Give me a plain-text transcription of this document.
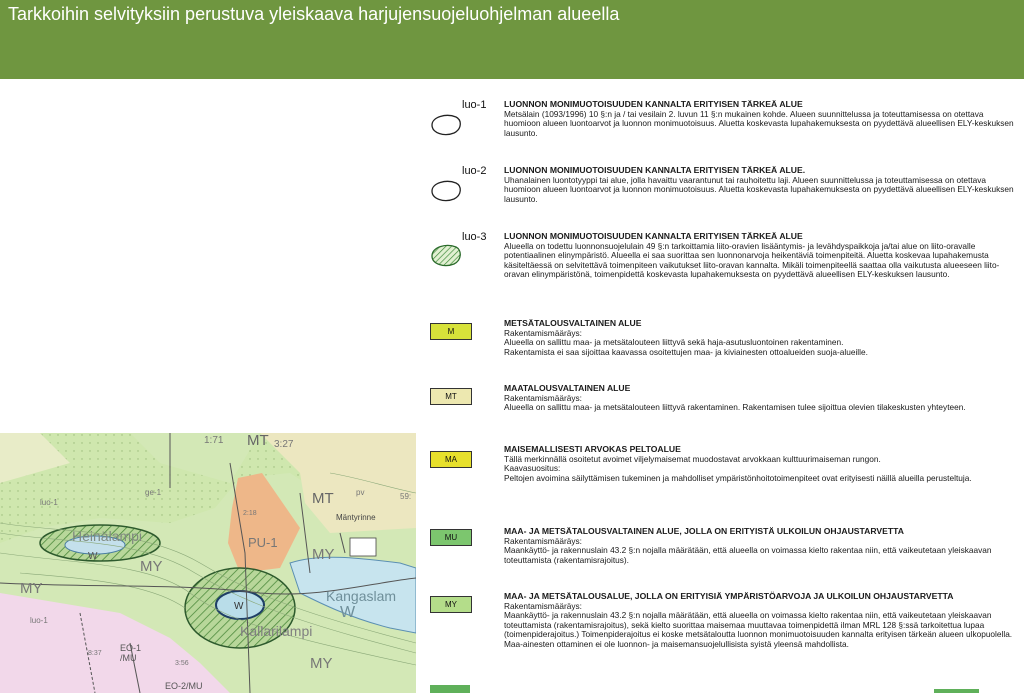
Tarkkoihin selvityksiin perustuva yleiskaava harjujensuojeluohjelman alueella
1:71 MT 3:27
MT	pv
Mäntyrinne
59:
luo-1
ge-1
Heinälampi
W
2:18
PU-1
MY
MY
Kangaslam
W
W
Kallarilampi
MY
8:37
EO-1
/MU
EO-2/MU
3:56
MY
luo-1
luo-1 LUONNON MONIMUOTOISUUDEN KANNALTA ERITYISEN TÄRKEÄ ALUE
Metsälain (1093/1996) 10 §:n ja / tai vesilain 2. luvun 11 §:n mukainen kohde. Alueen suunnittelussa ja toteuttamisessa on otettava huomioon alueen luontoarvot ja luonnon monimuotoisuus. Aluetta koskevasta lupahakemuksesta on pyydettävä alueellisen ELY-keskuksen lausunto.
luo-2 LUONNON MONIMUOTOISUUDEN KANNALTA ERITYISEN TÄRKEÄ ALUE.
Uhanalainen luontotyyppi tai alue, jolla havaittu vaarantunut tai rauhoitettu laji. Alueen suunnittelussa ja toteuttamisessa on otettava huomioon alueen luontoarvot ja luonnon monimuotoisuus. Aluetta koskevasta lupahakemuksesta on pyydettävä alueellisen ELY-keskuksen lausunto.
luo-3 LUONNON MONIMUOTOISUUDEN KANNALTA ERITYISEN TÄRKEÄ ALUE
Alueella on todettu luonnonsuojelulain 49 §:n tarkoittamia liito-oravien lisääntymis- ja levähdyspaikkoja ja/tai alue on liito-oravalle potentiaalinen elinympäristö. Alueella ei saa suorittaa sen luonnonarvoja heikentäviä toimenpiteitä. Aluetta koskevaa lupahakemusta käsiteltäessä on selvitettävä toimenpiteen vaikutukset liito-oravan kannalta. Mikäli toimenpiteellä saattaa olla vaikutusta alueeseen liito-oravan elinympäristönä, toimenpidettä koskevasta lupahakemuksesta on pyydettävä alueellisen ELY-keskuksen lausunto.
M
METSÄTALOUSVALTAINEN ALUE
Rakentamismääräys:
Alueella on sallittu maa- ja metsätalouteen liittyvä sekä haja-asutusluontoinen rakentaminen.
Rakentamista ei saa sijoittaa kaavassa osoitettujen maa- ja kiviainesten ottoalueiden suoja-alueille.
MT
MAATALOUSVALTAINEN ALUE
Rakentamismääräys:
Alueella on sallittu maa- ja metsätalouteen liittyvä rakentaminen. Rakentamisen tulee sijoittua olevien tilakeskusten yhteyteen.
MA
MAISEMALLISESTI ARVOKAS PELTOALUE
Tällä merkinnällä osoitetut avoimet viljelymaisemat muodostavat arvokkaan kulttuurimaiseman rungon.
Kaavasuositus:
Peltojen avoimina säilyttämisen tukeminen ja mahdolliset ympäristönhoitotoimenpiteet ovat erityisesti näillä alueilla perusteltuja.
MU
MAA- JA METSÄTALOUSVALTAINEN ALUE, JOLLA ON ERITYISTÄ ULKOILUN OHJAUSTARVETTA
Rakentamismääräys:
Maankäyttö- ja rakennuslain 43.2 §:n nojalla määrätään, että alueella on voimassa kielto rakentaa niin, että vaikeutetaan yleiskaavan toteuttamista (rakentamisrajoitus).
MY
MAA- JA METSÄTALOUSALUE, JOLLA ON ERITYISIÄ YMPÄRISTÖARVOJA JA ULKOILUN OHJAUSTARVETTA
Rakentamismääräys:
Maankäyttö- ja rakennuslain 43.2 §:n nojalla määrätään, että alueella on voimassa kielto rakentaa niin, että vaikeutetaan yleiskaavan toteuttamista (rakentamisrajoitus), sekä kielto suorittaa maisemaa muuttavaa toimenpidettä ilman MRL 128 §:ssä tarkoitettua lupaa (toimenpiderajoitus.) Toimenpiderajoitus ei koske metsätaloutta luonnon monimuotoisuuden kannalta erityisen tärkeän alueen ulkopuolella. Maa-ainesten ottaminen ei ole luonnon- ja maisemansuojelullisista syistä yleensä mahdollista.
